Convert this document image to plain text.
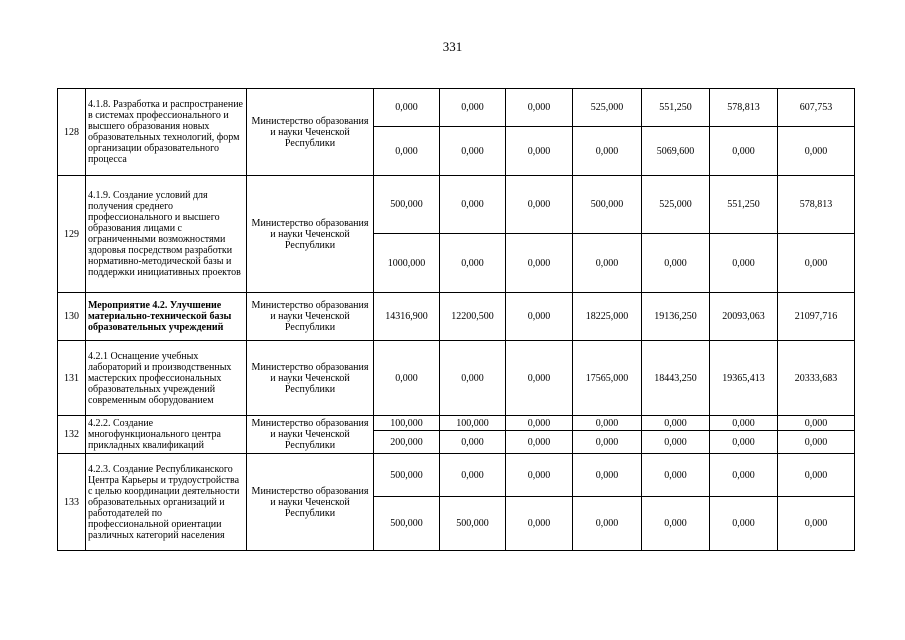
331
128	4.1.8. Разработка и распространение в системах профессионального и высшего образования новых образовательных технологий, форм организации образовательного процесса	Министерство образования и науки Чеченской Республики	0,000	0,000	0,000	525,000	551,250	578,813	607,753
			0,000	0,000	0,000	0,000	5069,600	0,000	0,000
129	4.1.9. Создание условий для получения среднего профессионального и высшего образования лицами с ограниченными возможностями здоровья посредством разработки нормативно-методической базы и поддержки инициативных проектов	Министерство образования и науки Чеченской Республики	500,000	0,000	0,000	500,000	525,000	551,250	578,813
			1000,000	0,000	0,000	0,000	0,000	0,000	0,000
130	Мероприятие 4.2. Улучшение материально-технической базы образовательных учреждений	Министерство образования и науки Чеченской Республики	14316,900	12200,500	0,000	18225,000	19136,250	20093,063	21097,716
131	4.2.1 Оснащение учебных лабораторий и производственных мастерских профессиональных образовательных учреждений современным оборудованием	Министерство образования и науки Чеченской Республики	0,000	0,000	0,000	17565,000	18443,250	19365,413	20333,683
132	4.2.2. Создание многофункционального центра прикладных квалификаций	Министерство образования и науки Чеченской Республики	100,000	100,000	0,000	0,000	0,000	0,000	0,000
			200,000	0,000	0,000	0,000	0,000	0,000	0,000
133	4.2.3. Создание Республиканского Центра Карьеры и трудоустройства с целью координации деятельности образовательных организаций и работодателей по профессиональной ориентации различных категорий населения	Министерство образования и науки Чеченской Республики	500,000	0,000	0,000	0,000	0,000	0,000	0,000
			500,000	500,000	0,000	0,000	0,000	0,000	0,000
